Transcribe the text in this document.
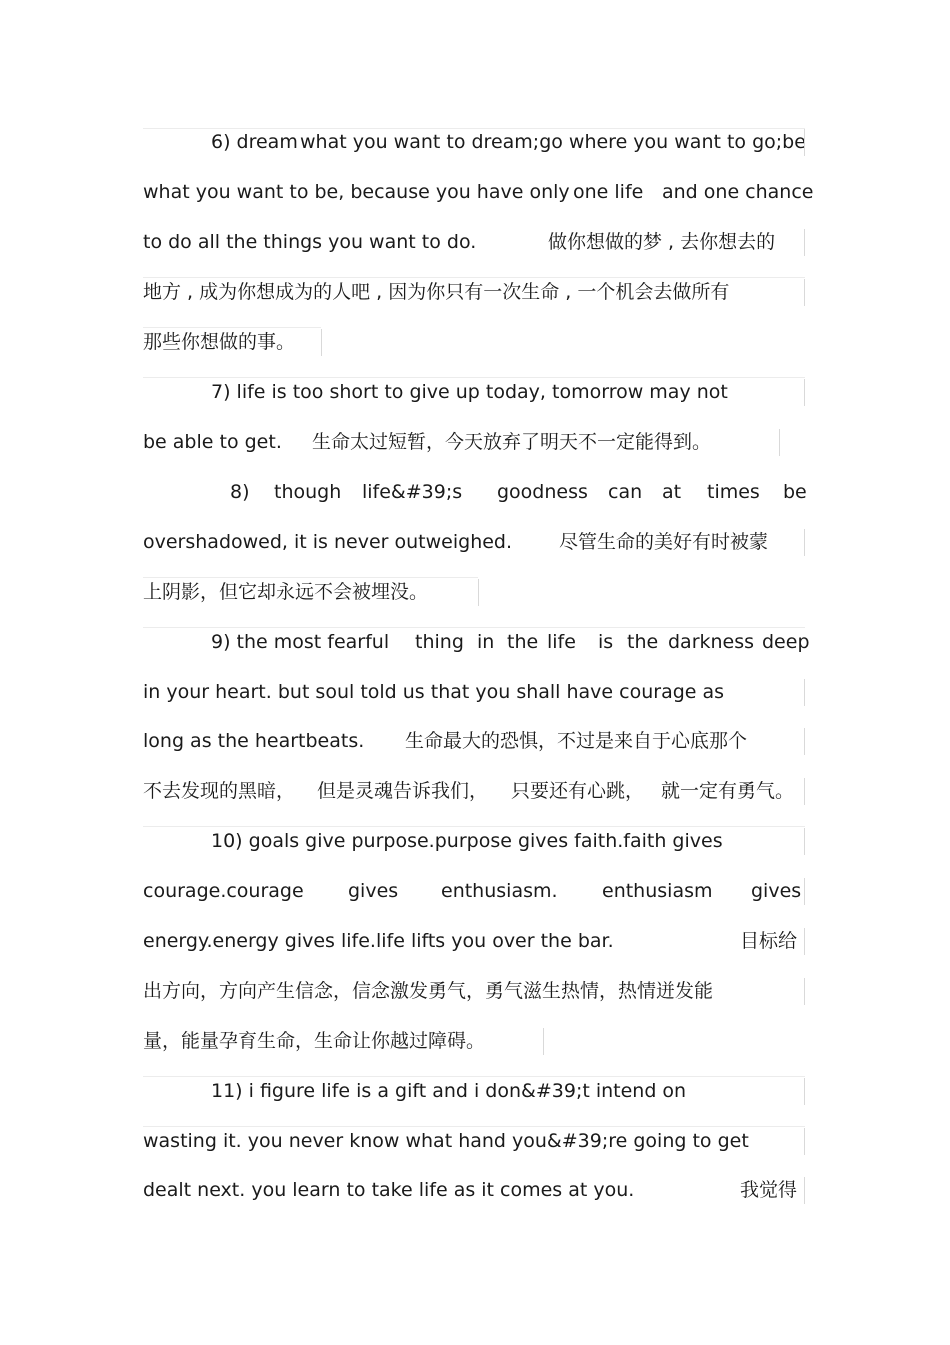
6) dream what you want to dream;go where you want to go;be
what you want to be, because you have only one life and one chance
to do all the things you want to do.	做你想做的梦 , 去你想去的
地方 , 成为你想成为的人吧 , 因为你只有一次生命 , 一个机会去做所有
那些你想做的事。
7) life is too short to give up today, tomorrow may not
be able to get. 生命太过短暂，今天放弃了明天不一定能得到。
8) though life&#39;s goodness can at times be
overshadowed, it is never outweighed. 尽管生命的美好有时被蒙
上阴影，但它却永远不会被埋没。
9) the most fearful thing in the life is the darkness deep
in your heart. but soul told us that you shall have courage as
long as the heartbeats. 生命最大的恐惧，不过是来自于心底那个
不去发现的黑暗， 但是灵魂告诉我们， 只要还有心跳， 就一定有勇气。
10) goals give purpose.purpose gives faith.faith gives
courage.courage gives enthusiasm. enthusiasm gives
energy.energy gives life.life lifts you over the bar.	目标给
出方向，方向产生信念，信念激发勇气，勇气滋生热情，热情迸发能
量，能量孕育生命，生命让你越过障碍。
11) i figure life is a gift and i don&#39;t intend on
wasting it. you never know what hand you&#39;re going to get
dealt next. you learn to take life as it comes at you.	我觉得
